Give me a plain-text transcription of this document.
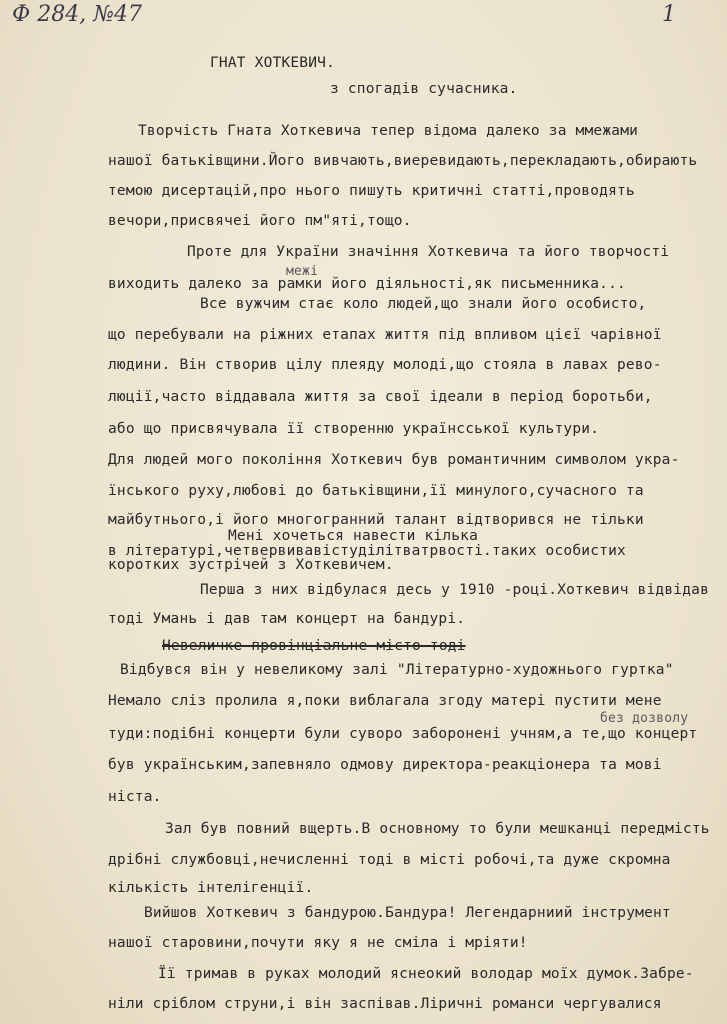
Ф 284, №47	1
ГНАТ ХОТКЕВИЧ.
з спогадів сучасника.
Творчість Гната Хоткевича тепер відома далеко за ммежами
нашої батьківщини.Його вивчають,виеревидають,перекладають,обирають
темою дисертацій,про нього пишуть критичні статті,проводять
вечори,присвячеі його пм"яті,тощо.
Проте для України значіння Хоткевича та його творчості
межі
виходить далеко за рамки його діяльності,як письменника...
Все вужчим стає коло людей,що знали його особисто,
що перебували на ріжних етапах життя під впливом цієї чарівної
людини. Він створив цілу плеяду молоді,що стояла в лавах рево-
люції,часто віддавала життя за свої ідеали в період боротьби,
або що присвячувала її створенню українсської культури.
Для людей мого покоління Хоткевич був романтичним символом укра-
їнського руху,любові до батьківщини,її минулого,сучасного та
майбутнього,і його многогранний талант відтворився не тільки
Мені хочеться навести кілька
в літературі,четвервивавістуділітватрвості.таких особистих
коротких зустрічей з Хоткевичем.
Перша з них відбулася десь у 1910 -році.Хоткевич відвідав
тоді Умань і дав там концерт на бандурі.
Невеличке провінціальне місто тоді
Відбувся він у невеликому залі "Літературно-художнього гуртка"
Немало сліз пролила я,поки виблагала згоду матері пустити мене
без дозволу
туди:подібні концерти були суворо заборонені учням,а те,що концерт
був українським,запевняло одмову директора-реакціонера та мові
ніста.
Зал був повний вщерть.В основному то були мешканці передмість
дрібні службовці,нечисленні тоді в місті робочі,та дуже скромна
кількість інтелігенції.
Вийшов Хоткевич з бандурою.Бандура! Легендарниий інструмент
нашої старовини,почути яку я не сміла і мріяти!
Її тримав в руках молодий яснеокий володар моїх думок.Забре-
ніли сріблом струни,і він заспівав.Ліричні романси чергувалися
